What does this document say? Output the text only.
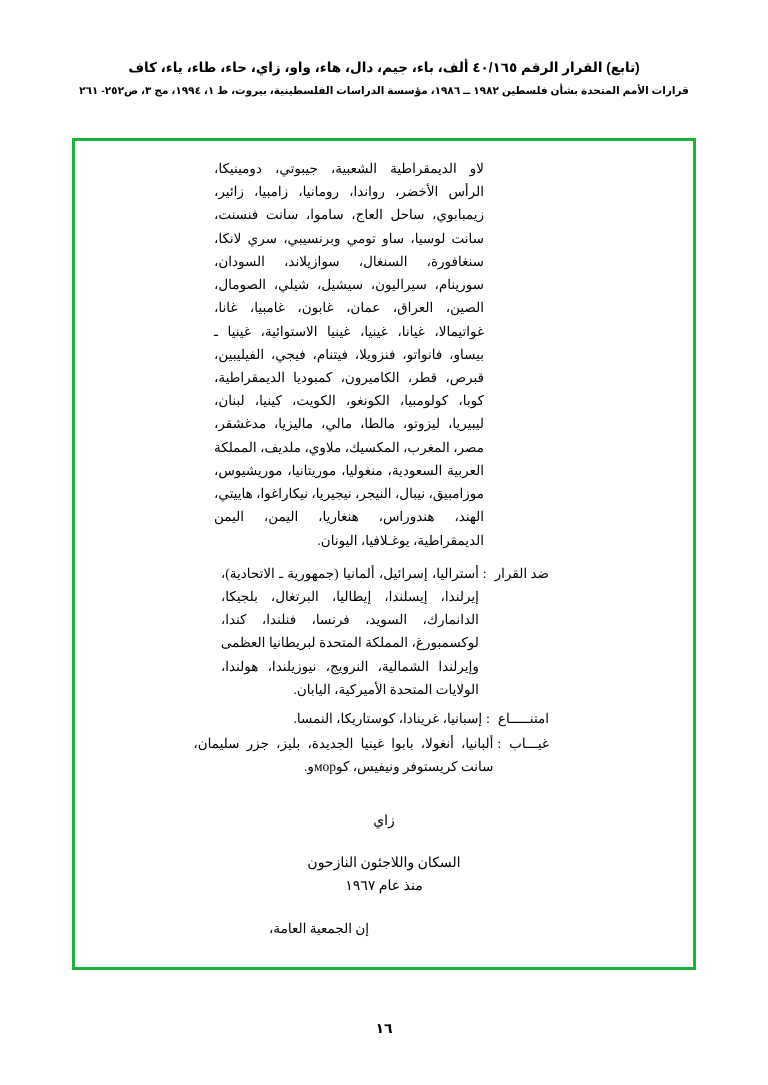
(تابع) القرار الرقم ٤٠/١٦٥ ألف، باء، جيم، دال، هاء، واو، زاي، حاء، طاء، ياء، كاف
قرارات الأمم المتحدة بشأن فلسطين ١٩٨٢ ــ ١٩٨٦، مؤسسة الدراسات الفلسطينية، بيروت، ط ١، ١٩٩٤، مج ٣، ص٢٥٢- ٢٦١
لاو الديمقراطية الشعبية، جيبوتي، دومينيكا، الرأس الأخضر، رواندا، رومانيا، زامبيا، زائير، زيمبابوي، ساحل العاج، ساموا، سانت فنسنت، سانت لوسيا، ساو تومي وبرنسيبي، سري لانكا، سنغافورة، السنغال، سوازيلاند، السودان، سورينام، سيراليون، سيشيل، شيلي، الصومال، الصين، العراق، عمان، غابون، غامبيا، غانا، غواتيمالا، غيانا، غينيا، غينيا الاستوائية، غينيا ـ بيساو، فانواتو، فنزويلا، فيتنام، فيجي، الفيليبين، قبرص، قطر، الكاميرون، كمبوديا الديمقراطية، كوبا، كولومبيا، الكونغو، الكويت، كينيا، لبنان، ليبيريا، ليزوتو، مالطا، مالي، ماليزيا، مدغشقر، مصر، المغرب، المكسيك، ملاوي، ملديف، المملكة العربية السعودية، منغوليا، موريتانيا، موريشيوس، موزامبيق، نيبال، النيجر، نيجيريا، نيكاراغوا، هاييتي، الهند، هندوراس، هنغاريا، اليمن، اليمن الديمقراطية، يوغـلافيا، اليونان.
ضد القرار
:
أستراليا، إسرائيل، ألمانيا (جمهورية ـ الاتحادية)، إيرلندا، إيسلندا، إيطاليا، البرتغال، بلجيكا، الدانمارك، السويد، فرنسا، فنلندا، كندا، لوكسمبورغ، المملكة المتحدة لبريطانيا العظمى وإيرلندا الشمالية، النرويج، نيوزيلندا، هولندا، الولايات المتحدة الأميركية، اليابان.
امتنـــــاع
:
إسبانيا، غرينادا، كوستاريكا، النمسا.
غيـــاب
:
ألبانيا، أنغولا، بابوا غينيا الجديدة، بليز، جزر سليمان، سانت كريستوفر ونيفيس، كوморو.
زاي
السكان واللاجئون النازحون
منذ عام ١٩٦٧
إن الجمعية العامة،
١٦
